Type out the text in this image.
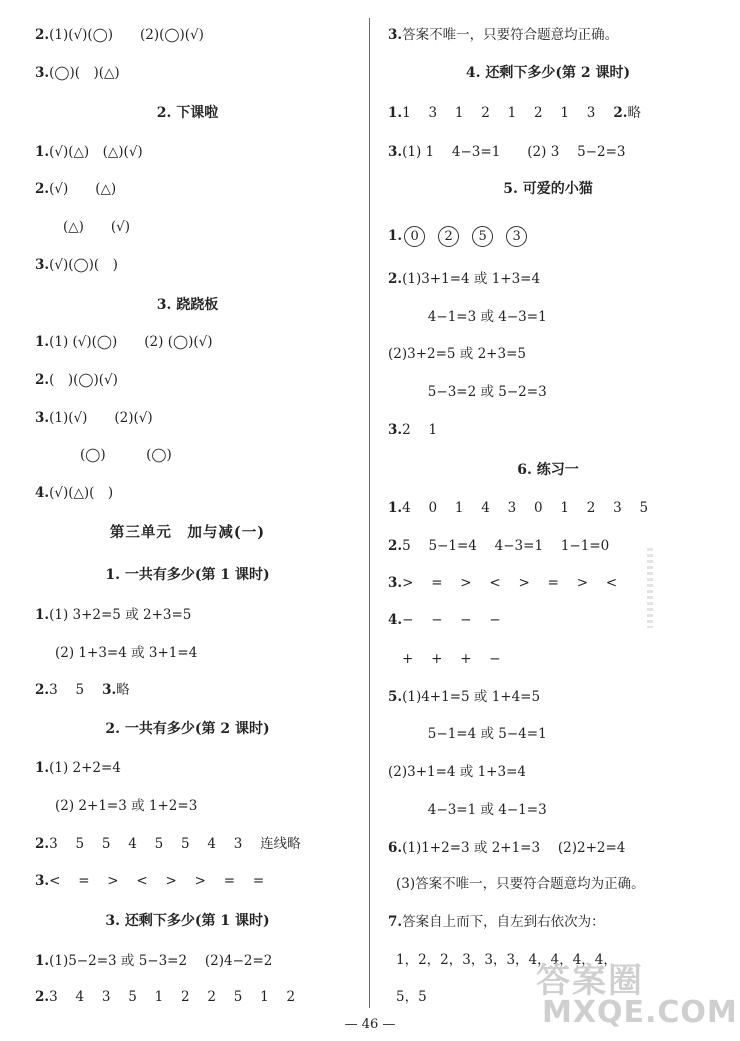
2.(1)(√)(◯)　　(2)(◯)(√)
3.(◯)(　)(△)
2. 下课啦
1.(√)(△)　(△)(√)
2.(√)　　(△)
(△)　　(√)
3.(√)(◯)(　)
3. 跷跷板
1.(1) (√)(◯)　　(2) (◯)(√)
2.(　)(◯)(√)
3.(1)(√)　　(2)(√)
(◯)　　　(◯)
4.(√)(△)(　)
第三单元　加与减(一)
1. 一共有多少(第 1 课时)
1.(1) 3+2=5 或 2+3=5
(2) 1+3=4 或 3+1=4
2.3　 5 3.略
2. 一共有多少(第 2 课时)
1.(1) 2+2=4
(2) 2+1=3 或 1+2=3
2.3　 5　 5　 4　 5　 5　 4　 3　 连线略
3.<　 =　 >　 <　 >　 >　 =　 =
3. 还剩下多少(第 1 课时)
1.(1)5−2=3 或 5−3=2　 (2)4−2=2
2.3　 4　 3　 5　 1　 2　 2　 5　 1　 2
3.答案不唯一，只要符合题意均正确。
4. 还剩下多少(第 2 课时)
1.1　 3　 1　 2　 1　 2　 1　 3 2.略
3.(1) 1　 4−3=1　　(2) 3　 5−2=3
5. 可爱的小猫
1. 0 2 5 3
2.(1)3+1=4 或 1+3=4
　 4−1=3 或 4−3=1
(2)3+2=5 或 2+3=5
　 5−3=2 或 5−2=3
3.2　 1
6. 练习一
1.4　 0　 1　 4　 3　 0　 1　 2　 3　 5
2.5　 5−1=4　 4−3=1　 1−1=0
3.>　 =　 >　 <　 >　 =　 >　 <
4.−　 −　 −　 −
+　 +　 +　 −
5.(1)4+1=5 或 1+4=5
　 5−1=4 或 5−4=1
(2)3+1=4 或 1+3=4
　 4−3=1 或 4−1=3
6.(1)1+2=3 或 2+1=3　 (2)2+2=4
(3)答案不唯一，只要符合题意均为正确。
7.答案自上而下，自左到右依次为：
1，2，2，3，3，3，4，4，4，4，
5，5
— 46 —
答案圈
MXQE.COM
